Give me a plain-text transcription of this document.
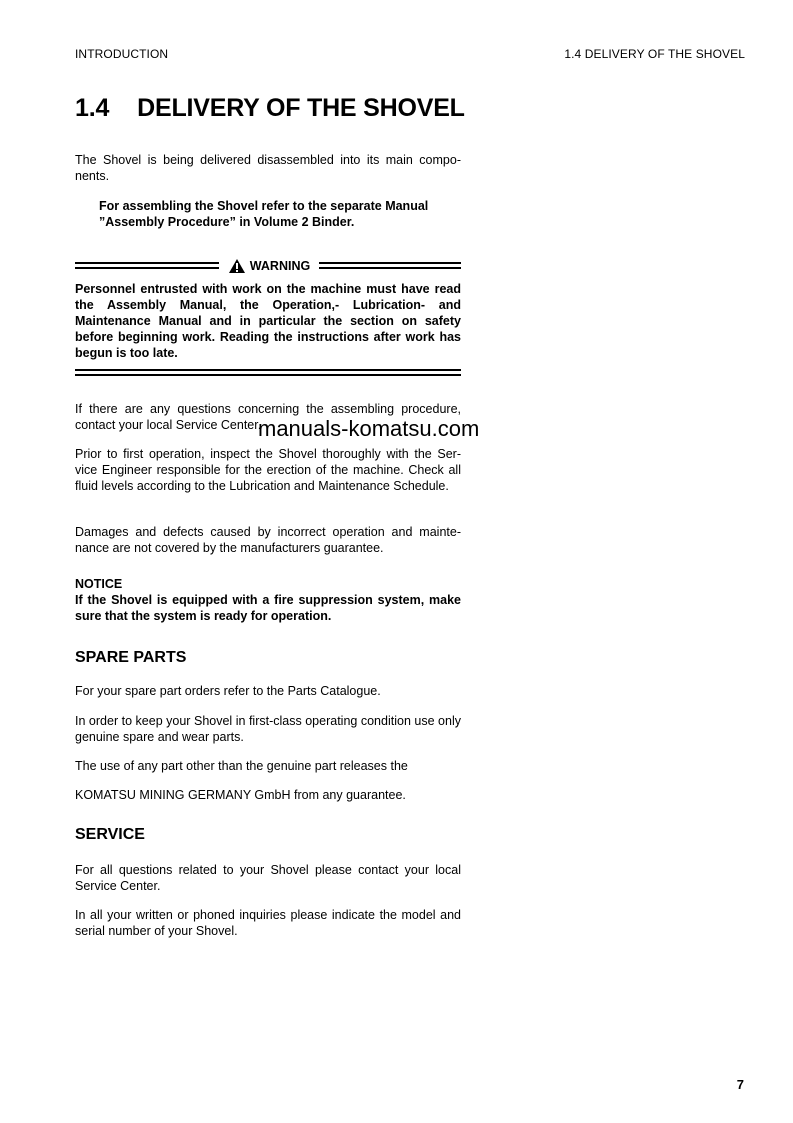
INTRODUCTION	1.4 DELIVERY OF THE SHOVEL
1.4 DELIVERY OF THE SHOVEL

The Shovel is being delivered disassembled into its main compo-nents.

For assembling the Shovel refer to the separate Manual

”Assembly Procedure” in Volume 2 Binder.

WARNING

Personnel entrusted with work on the machine must have read the Assembly Manual, the Operation,- Lubrication- and Maintenance Manual and in particular the section on safety before beginning work. Reading the instructions after work has begun is too late.

If there are any questions concerning the assembling procedure, contact your local Service Center.

Prior to first operation, inspect the Shovel thoroughly with the Ser-vice Engineer responsible for the erection of the machine. Check all fluid levels according to the Lubrication and Maintenance Schedule.

Damages and defects caused by incorrect operation and mainte-nance are not covered by the manufacturers guarantee.

NOTICE

If the Shovel is equipped with a fire suppression system, make sure that the system is ready for operation.

SPARE PARTS

For your spare part orders refer to the Parts Catalogue.

In order to keep your Shovel in first-class operating condition use only genuine spare and wear parts.

The use of any part other than the genuine part releases the

KOMATSU MINING GERMANY GmbH from any guarantee.

SERVICE

For all questions related to your Shovel please contact your local Service Center.

In all your written or phoned inquiries please indicate the model and serial number of your Shovel.

manuals-komatsu.com
7
